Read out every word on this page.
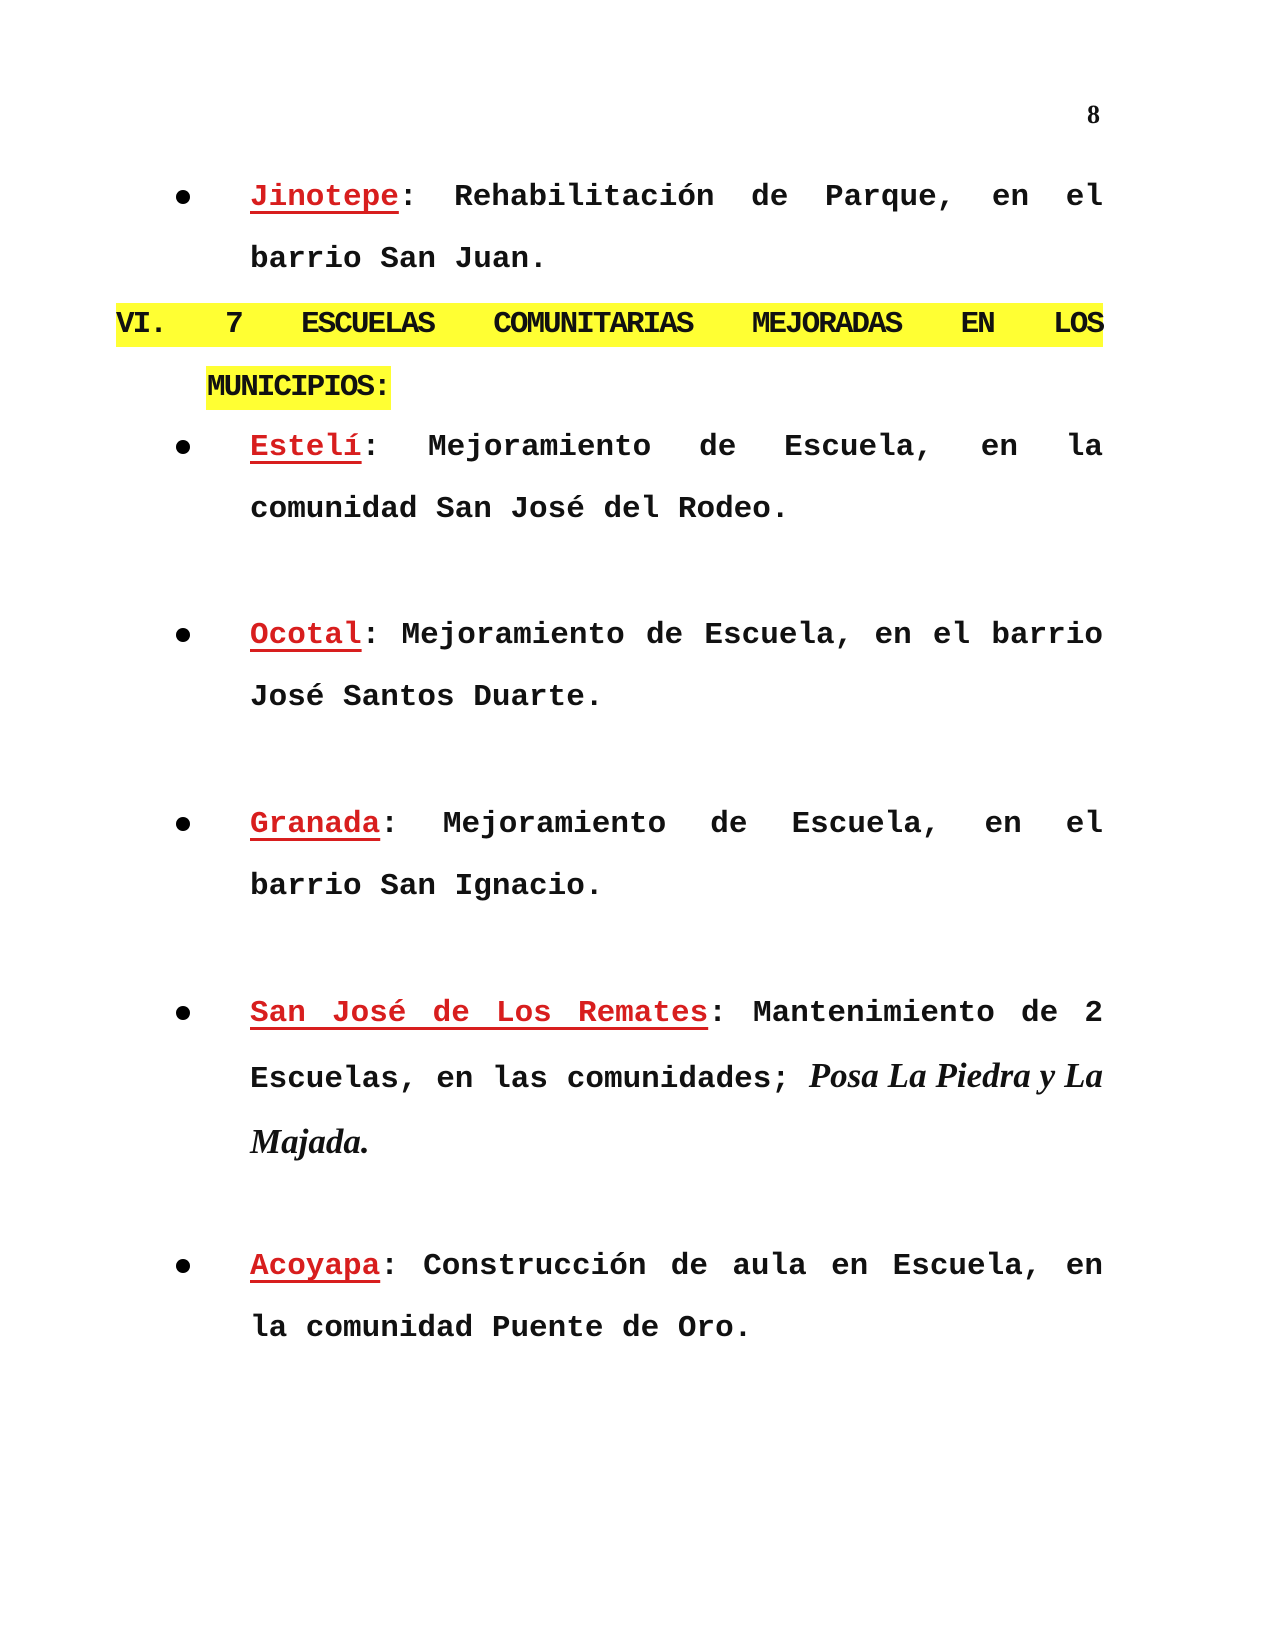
8
Jinotepe: Rehabilitación de Parque, en el barrio San Juan.
VI. 7 ESCUELAS COMUNITARIAS MEJORADAS EN LOS
MUNICIPIOS:
Estelí: Mejoramiento de Escuela, en la comunidad San José del Rodeo.
Ocotal: Mejoramiento de Escuela, en el barrio José Santos Duarte.
Granada: Mejoramiento de Escuela, en el barrio San Ignacio.
San José de Los Remates: Mantenimiento de 2 Escuelas, en las comunidades; Posa La Piedra y La Majada.
Acoyapa: Construcción de aula en Escuela, en la comunidad Puente de Oro.
